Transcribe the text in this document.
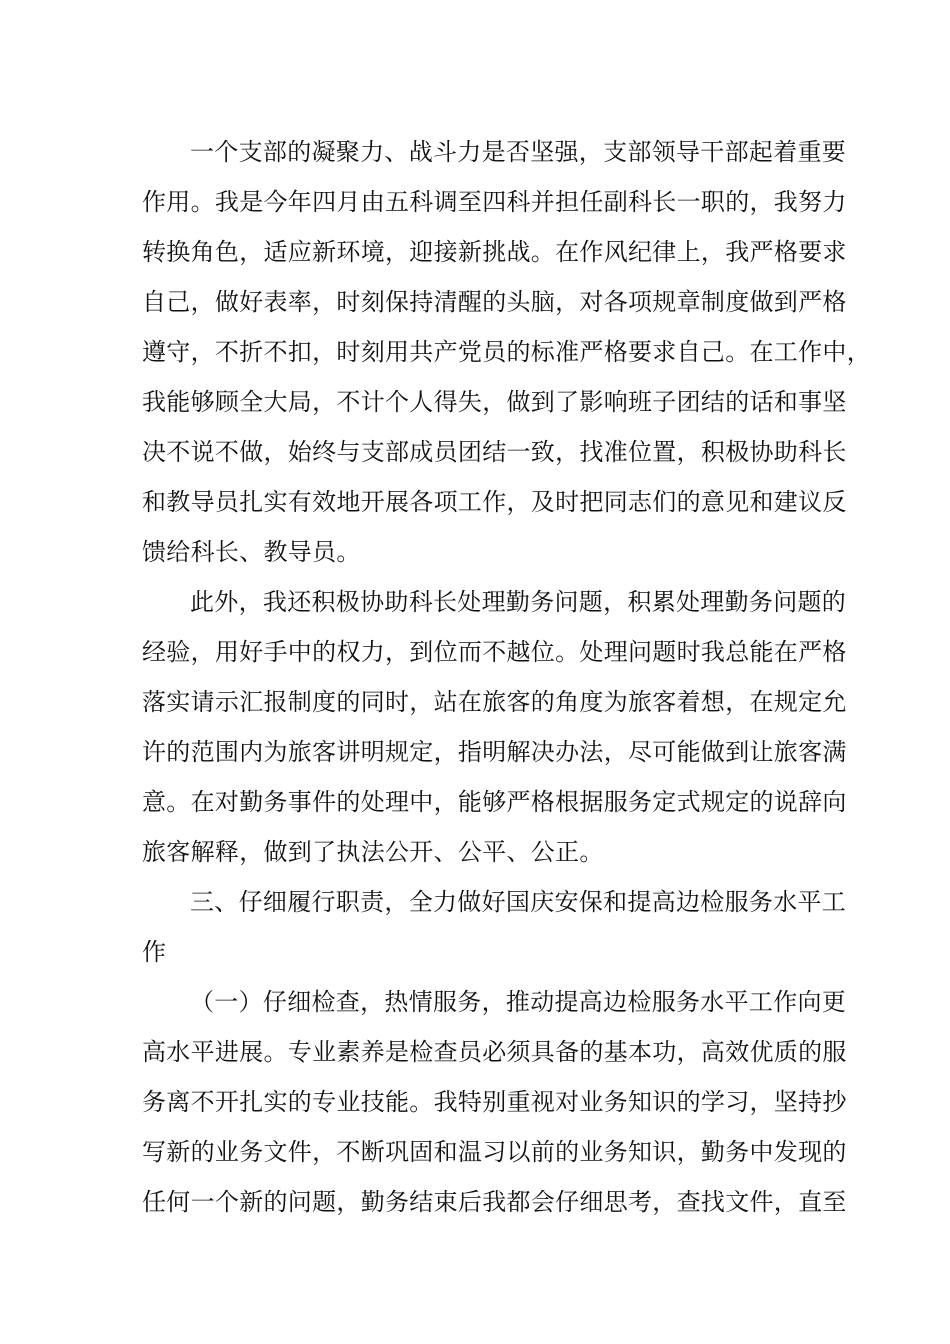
一个支部的凝聚力、战斗力是否坚强，支部领导干部起着重要

作用。我是今年四月由五科调至四科并担任副科长一职的，我努力

转换角色，适应新环境，迎接新挑战。在作风纪律上，我严格要求

自己，做好表率，时刻保持清醒的头脑，对各项规章制度做到严格

遵守，不折不扣，时刻用共产党员的标准严格要求自己。在工作中，

我能够顾全大局，不计个人得失，做到了影响班子团结的话和事坚

决不说不做，始终与支部成员团结一致，找准位置，积极协助科长

和教导员扎实有效地开展各项工作，及时把同志们的意见和建议反

馈给科长、教导员。

此外，我还积极协助科长处理勤务问题，积累处理勤务问题的

经验，用好手中的权力，到位而不越位。处理问题时我总能在严格

落实请示汇报制度的同时，站在旅客的角度为旅客着想，在规定允

许的范围内为旅客讲明规定，指明解决办法，尽可能做到让旅客满

意。在对勤务事件的处理中，能够严格根据服务定式规定的说辞向

旅客解释，做到了执法公开、公平、公正。

三、仔细履行职责，全力做好国庆安保和提高边检服务水平工

作

（一）仔细检查，热情服务，推动提高边检服务水平工作向更

高水平进展。专业素养是检查员必须具备的基本功，高效优质的服

务离不开扎实的专业技能。我特别重视对业务知识的学习，坚持抄

写新的业务文件，不断巩固和温习以前的业务知识，勤务中发现的

任何一个新的问题，勤务结束后我都会仔细思考，查找文件，直至
